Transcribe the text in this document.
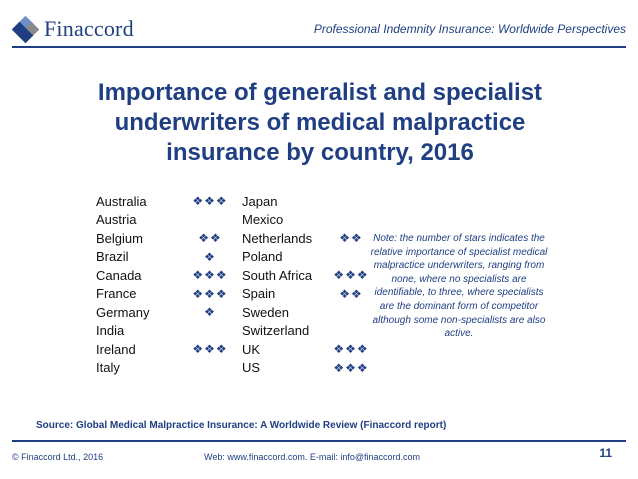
Finaccord	Professional Indemnity Insurance: Worldwide Perspectives
Importance of generalist and specialist
underwriters of medical malpractice
insurance by country, 2016
Australia	❖❖❖	Japan	
Austria		Mexico	
Belgium	❖❖	Netherlands	❖❖
Brazil	❖	Poland	
Canada	❖❖❖	South Africa	❖❖❖
France	❖❖❖	Spain	❖❖
Germany	❖	Sweden	
India		Switzerland	
Ireland	❖❖❖	UK	❖❖❖
Italy		US	❖❖❖
Note: the number of stars indicates the relative importance of specialist medical malpractice underwriters, ranging from none, where no specialists are identifiable, to three, where specialists are the dominant form of competitor although some non-specialists are also active.
Source: Global Medical Malpractice Insurance: A Worldwide Review (Finaccord report)
© Finaccord Ltd., 2016	Web: www.finaccord.com. E-mail: info@finaccord.com	11
